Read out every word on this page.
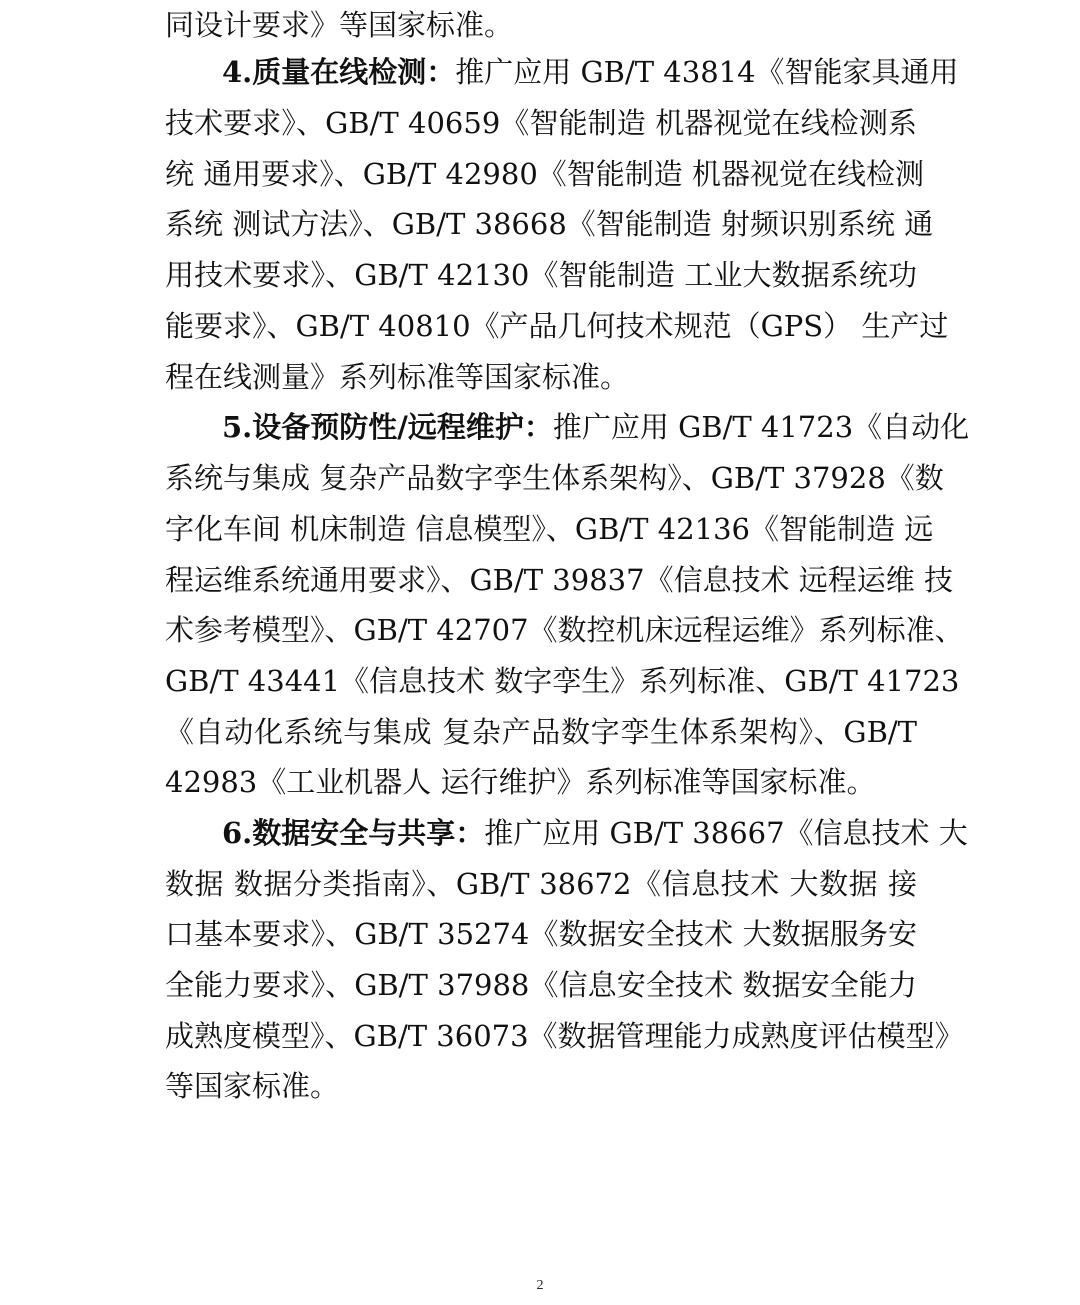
同设计要求》等国家标准。
4.质量在线检测：推广应用 GB/T 43814《智能家具通用
技术要求》、GB/T 40659《智能制造 机器视觉在线检测系
统 通用要求》、GB/T 42980《智能制造 机器视觉在线检测
系统 测试方法》、GB/T 38668《智能制造 射频识别系统 通
用技术要求》、GB/T 42130《智能制造 工业大数据系统功
能要求》、GB/T 40810《产品几何技术规范（GPS） 生产过
程在线测量》系列标准等国家标准。
5.设备预防性/远程维护：推广应用 GB/T 41723《自动化
系统与集成 复杂产品数字孪生体系架构》、GB/T 37928《数
字化车间 机床制造 信息模型》、GB/T 42136《智能制造 远
程运维系统通用要求》、GB/T 39837《信息技术 远程运维 技
术参考模型》、GB/T 42707《数控机床远程运维》系列标准、
GB/T 43441《信息技术 数字孪生》系列标准、GB/T 41723
《自动化系统与集成 复杂产品数字孪生体系架构》、GB/T
42983《工业机器人 运行维护》系列标准等国家标准。
6.数据安全与共享：推广应用 GB/T 38667《信息技术 大
数据 数据分类指南》、GB/T 38672《信息技术 大数据 接
口基本要求》、GB/T 35274《数据安全技术 大数据服务安
全能力要求》、GB/T 37988《信息安全技术 数据安全能力
成熟度模型》、GB/T 36073《数据管理能力成熟度评估模型》
等国家标准。
2
